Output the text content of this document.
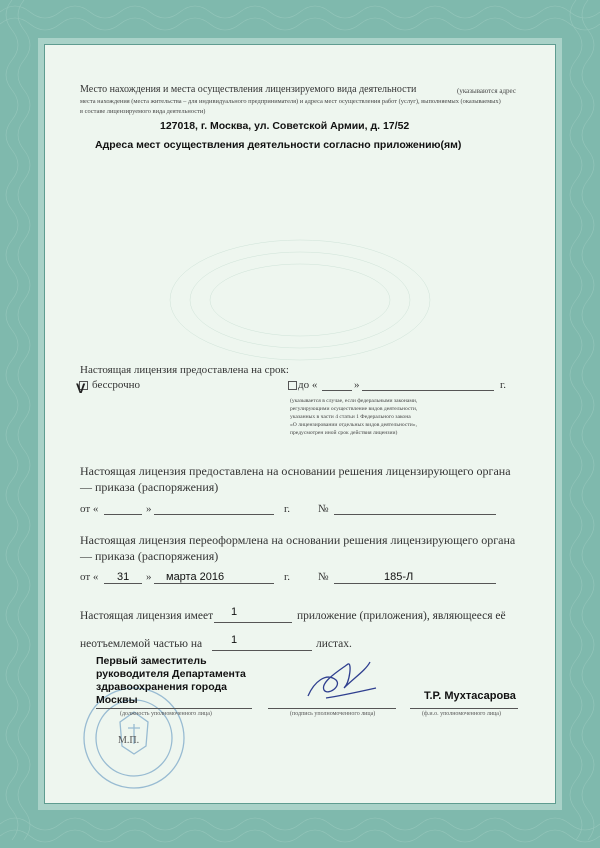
Место нахождения и места осуществления лицензируемого вида деятельности	(указываются адрес
места нахождения (места жительства – для индивидуального предпринимателя) и адреса мест осуществления работ (услуг), выполняемых (оказываемых)
в составе лицензируемого вида деятельности)
127018, г. Москва, ул. Советской Армии, д. 17/52
Адреса мест осуществления деятельности согласно приложению(ям)
Настоящая лицензия предоставлена на срок:
V бессрочно	до «	»	г.
(указывается в случае, если федеральными законами,
регулирующими осуществление видов деятельности,
указанных в части 4 статьи 1 Федерального закона
«О лицензировании отдельных видов деятельности»,
предусмотрен иной срок действия лицензии)
Настоящая лицензия предоставлена на основании решения лицензирующего органа
— приказа (распоряжения)
от «	»	г.	№
Настоящая лицензия переоформлена на основании решения лицензирующего органа
— приказа (распоряжения)
от « 31 » марта 2016	г.	№	185-Л
Настоящая лицензия имеет 1	приложение (приложения), являющееся её
неотъемлемой частью на	1	листах.
М.П.
Первый заместитель
руководителя Департамента
здравоохранения города
Москвы
(должность уполномоченного лица)	(подпись уполномоченного лица)
Т.Р. Мухтасарова
(ф.и.о. уполномоченного лица)
